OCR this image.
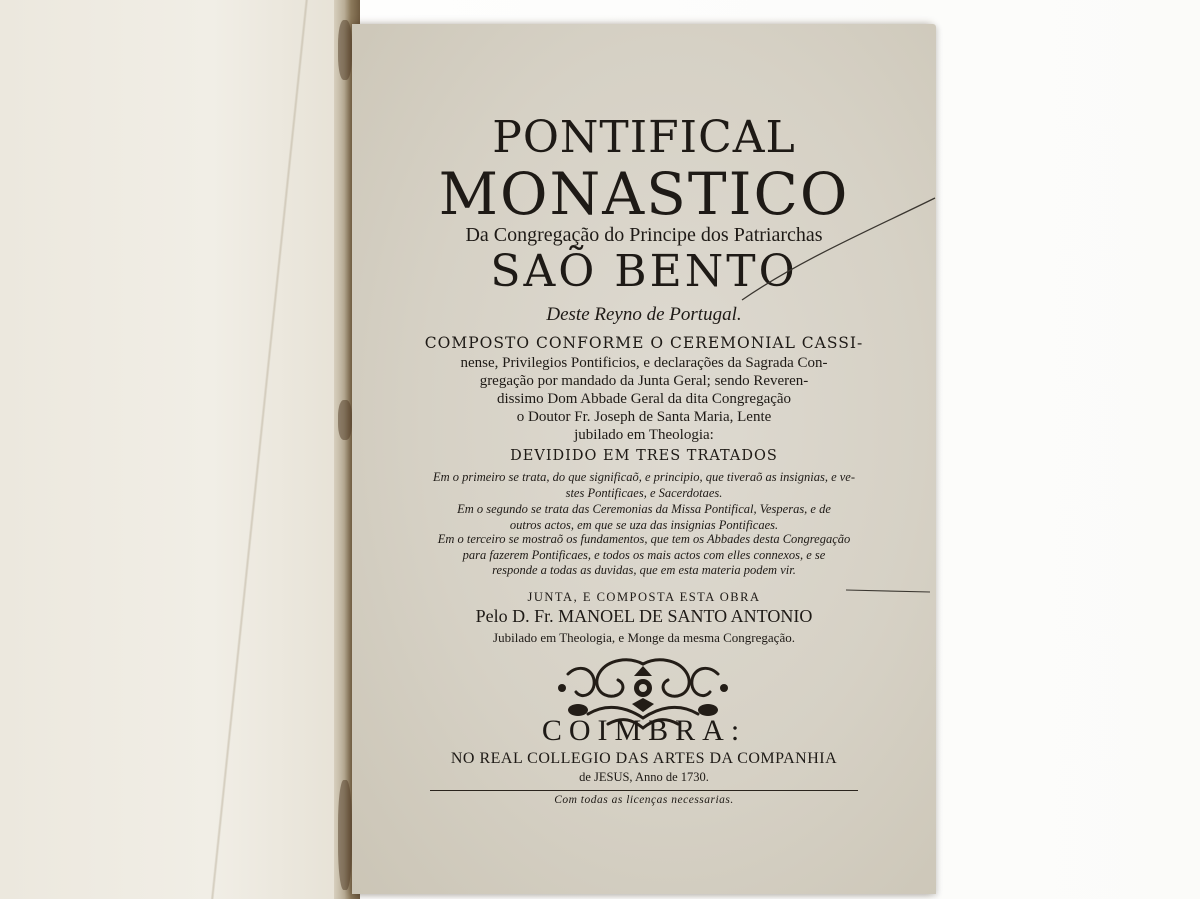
PONTIFICAL
MONASTICO
Da Congregação do Principe dos Patriarchas
SAÕ BENTO
Deste Reyno de Portugal.
COMPOSTO CONFORME O CEREMONIAL CASSI-
nense, Privilegios Pontificios, e declarações da Sagrada Con-
gregação por mandado da Junta Geral; sendo Reveren-
dissimo Dom Abbade Geral da dita Congregação
o Doutor Fr. Joseph de Santa Maria, Lente
jubilado em Theologia:
DEVIDIDO EM TRES TRATADOS
Em o primeiro se trata, do que significaõ, e principio, que tiveraõ as insignias, e ve-
stes Pontificaes, e Sacerdotaes.
Em o segundo se trata das Ceremonias da Missa Pontifical, Vesperas, e de
outros actos, em que se uza das insignias Pontificaes.
Em o terceiro se mostraõ os fundamentos, que tem os Abbades desta Congregação
para fazerem Pontificaes, e todos os mais actos com elles connexos, e se
responde a todas as duvidas, que em esta materia podem vir.
JUNTA, E COMPOSTA ESTA OBRA
Pelo D. Fr. MANOEL DE SANTO ANTONIO
Jubilado em Theologia, e Monge da mesma Congregação.
COIMBRA:
NO REAL COLLEGIO DAS ARTES DA COMPANHIA
de JESUS, Anno de 1730.
Com todas as licenças necessarias.
